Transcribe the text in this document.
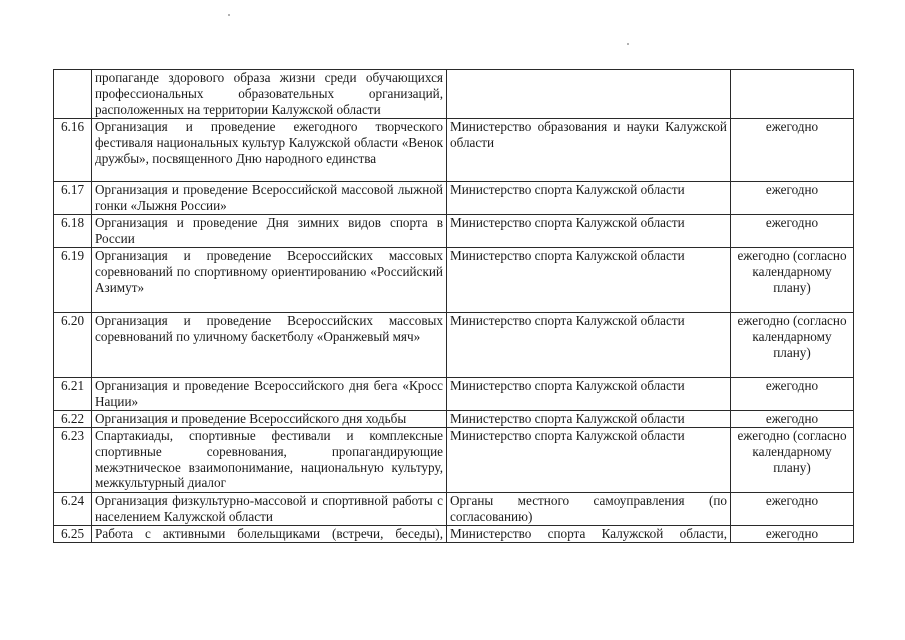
	пропаганде здорового образа жизни среди обучающихся профессиональных образовательных организаций, расположенных на территории Калужской области		
6.16	Организация и проведение ежегодного творческого фестиваля национальных культур Калужской области «Венок дружбы», посвященного Дню народного единства	Министерство образования и науки Калужской области	ежегодно
6.17	Организация и проведение Всероссийской массовой лыжной гонки «Лыжня России»	Министерство спорта Калужской области	ежегодно
6.18	Организация и проведение Дня зимних видов спорта в России	Министерство спорта Калужской области	ежегодно
6.19	Организация и проведение Всероссийских массовых соревнований по спортивному ориентированию «Российский Азимут»	Министерство спорта Калужской области	ежегодно (согласно календарному плану)
6.20	Организация и проведение Всероссийских массовых соревнований по уличному баскетболу «Оранжевый мяч»	Министерство спорта Калужской области	ежегодно (согласно календарному плану)
6.21	Организация и проведение Всероссийского дня бега «Кросс Нации»	Министерство спорта Калужской области	ежегодно
6.22	Организация и проведение Всероссийского дня ходьбы	Министерство спорта Калужской области	ежегодно
6.23	Спартакиады, спортивные фестивали и комплексные спортивные соревнования, пропагандирующие межэтническое взаимопонимание, национальную культуру, межкультурный диалог	Министерство спорта Калужской области	ежегодно (согласно календарному плану)
6.24	Организация физкультурно-массовой и спортивной работы с населением Калужской области	Органы местного самоуправления (по согласованию)	ежегодно
6.25	Работа с активными болельщиками (встречи, беседы),	Министерство спорта Калужской области,	ежегодно
